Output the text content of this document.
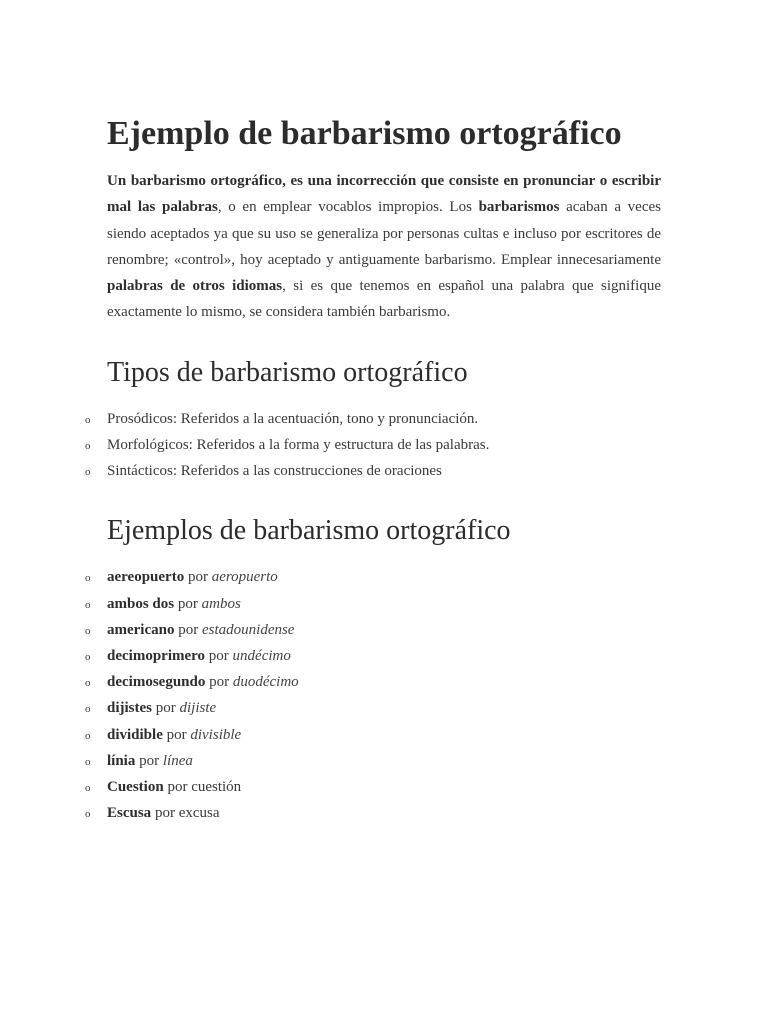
Ejemplo de barbarismo ortográfico

Un barbarismo ortográfico, es una incorrección que consiste en pronunciar o escribir mal las palabras, o en emplear vocablos impropios. Los barbarismos acaban a veces siendo aceptados ya que su uso se generaliza por personas cultas e incluso por escritores de renombre; «control», hoy aceptado y antiguamente barbarismo. Emplear innecesariamente palabras de otros idiomas, si es que tenemos en español una palabra que signifique exactamente lo mismo, se considera también barbarismo.

Tipos de barbarismo ortográfico
o Prosódicos: Referidos a la acentuación, tono y pronunciación.
o Morfológicos: Referidos a la forma y estructura de las palabras.
o Sintácticos: Referidos a las construcciones de oraciones
Ejemplos de barbarismo ortográfico
o aereopuerto por aeropuerto
o ambos dos por ambos
o americano por estadounidense
o decimoprimero por undécimo
o decimosegundo por duodécimo
o dijistes por dijiste
o dividible por divisible
o línia por línea
o Cuestion por cuestión
o Escusa por excusa
